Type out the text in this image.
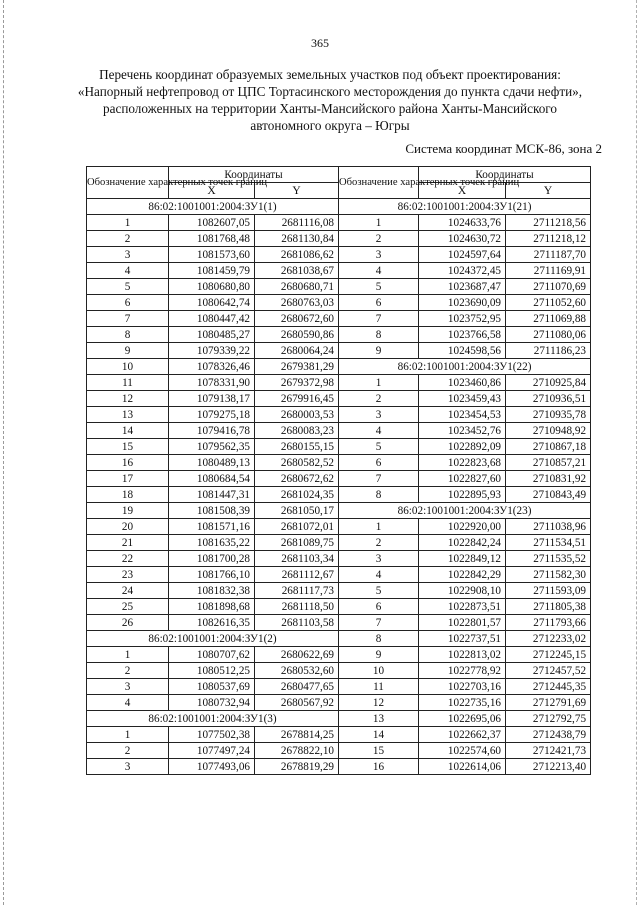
365
Перечень координат образуемых земельных участков под объект проектирования:
«Напорный нефтепровод от ЦПС Тортасинского месторождения до пункта сдачи нефти»,
расположенных на территории Ханты-Мансийского района Ханты-Мансийского
автономного округа – Югры
Система координат МСК-86, зона 2
Обозначение характерных точек границ	Координаты		Обозначение характерных точек границ	Координаты	
	X	Y		X	Y
86:02:1001001:2004:ЗУ1(1)			86:02:1001001:2004:ЗУ1(21)		
1	1082607,05	2681116,08	1	1024633,76	2711218,56
2	1081768,48	2681130,84	2	1024630,72	2711218,12
3	1081573,60	2681086,62	3	1024597,64	2711187,70
4	1081459,79	2681038,67	4	1024372,45	2711169,91
5	1080680,80	2680680,71	5	1023687,47	2711070,69
6	1080642,74	2680763,03	6	1023690,09	2711052,60
7	1080447,42	2680672,60	7	1023752,95	2711069,88
8	1080485,27	2680590,86	8	1023766,58	2711080,06
9	1079339,22	2680064,24	9	1024598,56	2711186,23
10	1078326,46	2679381,29	86:02:1001001:2004:ЗУ1(22)		
11	1078331,90	2679372,98	1	1023460,86	2710925,84
12	1079138,17	2679916,45	2	1023459,43	2710936,51
13	1079275,18	2680003,53	3	1023454,53	2710935,78
14	1079416,78	2680083,23	4	1023452,76	2710948,92
15	1079562,35	2680155,15	5	1022892,09	2710867,18
16	1080489,13	2680582,52	6	1022823,68	2710857,21
17	1080684,54	2680672,62	7	1022827,60	2710831,92
18	1081447,31	2681024,35	8	1022895,93	2710843,49
19	1081508,39	2681050,17	86:02:1001001:2004:ЗУ1(23)		
20	1081571,16	2681072,01	1	1022920,00	2711038,96
21	1081635,22	2681089,75	2	1022842,24	2711534,51
22	1081700,28	2681103,34	3	1022849,12	2711535,52
23	1081766,10	2681112,67	4	1022842,29	2711582,30
24	1081832,38	2681117,73	5	1022908,10	2711593,09
25	1081898,68	2681118,50	6	1022873,51	2711805,38
26	1082616,35	2681103,58	7	1022801,57	2711793,66
86:02:1001001:2004:ЗУ1(2)			8	1022737,51	2712233,02
1	1080707,62	2680622,69	9	1022813,02	2712245,15
2	1080512,25	2680532,60	10	1022778,92	2712457,52
3	1080537,69	2680477,65	11	1022703,16	2712445,35
4	1080732,94	2680567,92	12	1022735,16	2712791,69
86:02:1001001:2004:ЗУ1(3)			13	1022695,06	2712792,75
1	1077502,38	2678814,25	14	1022662,37	2712438,79
2	1077497,24	2678822,10	15	1022574,60	2712421,73
3	1077493,06	2678819,29	16	1022614,06	2712213,40
